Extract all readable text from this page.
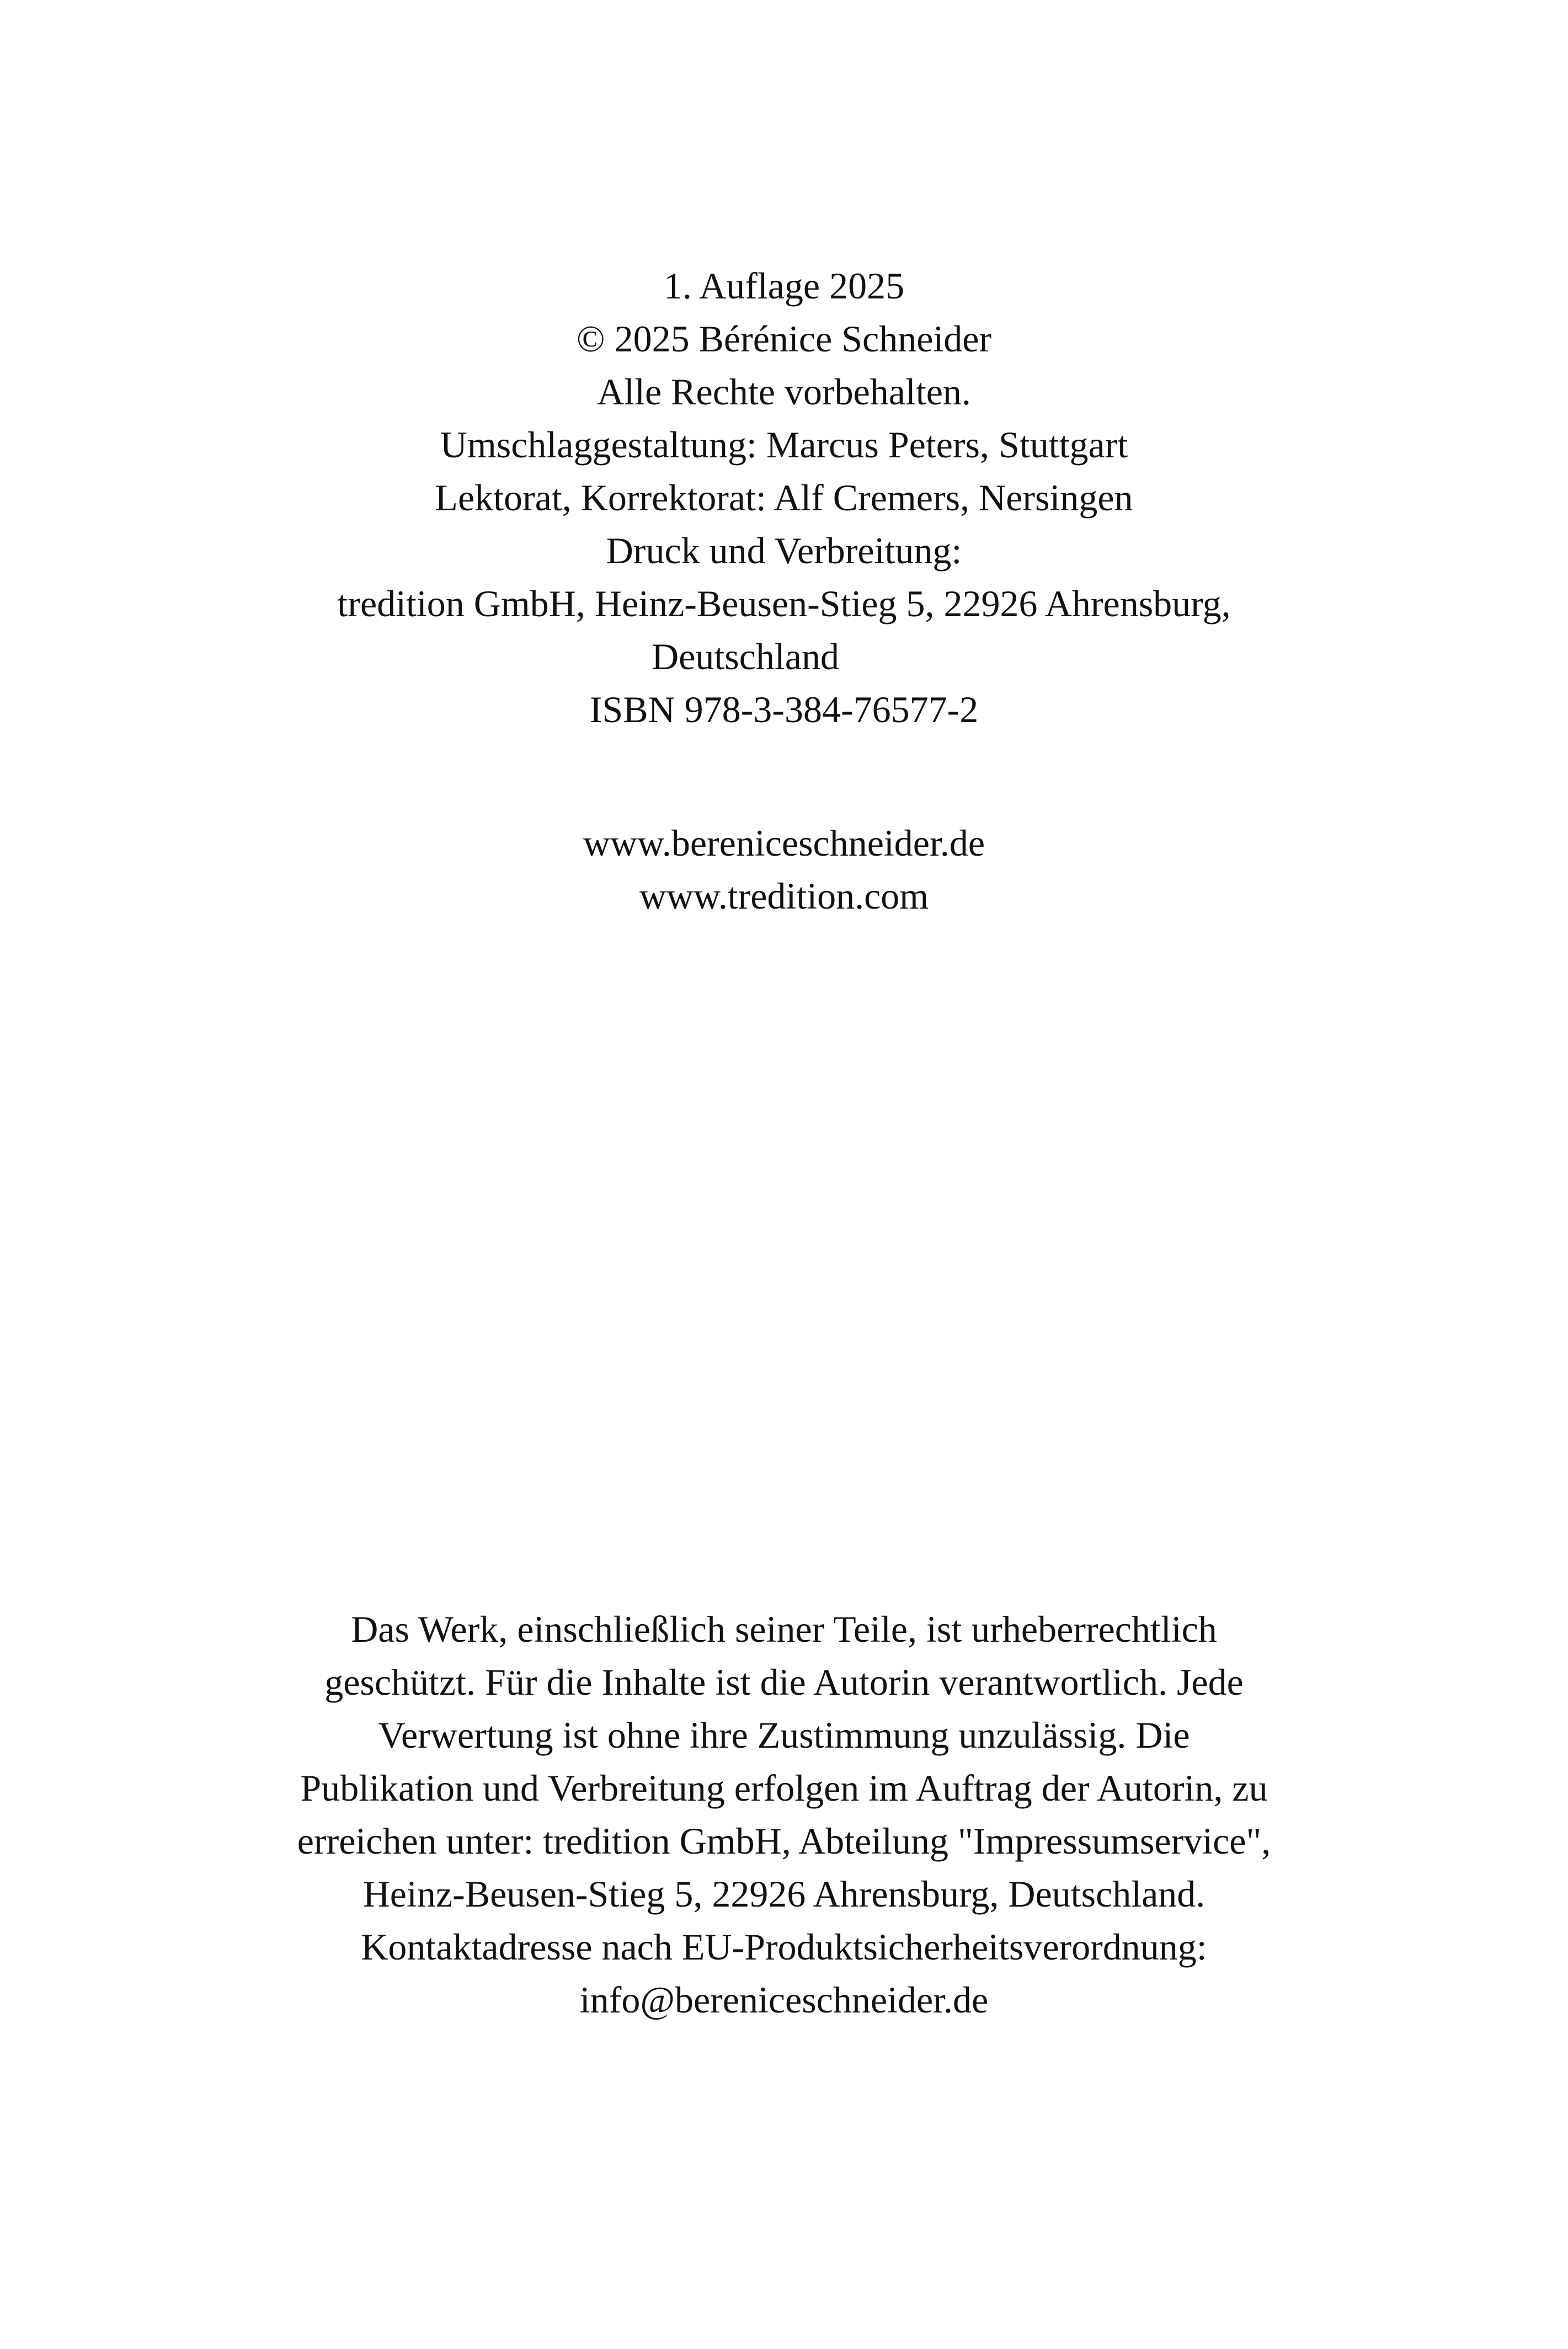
1. Auflage 2025
© 2025 Bérénice Schneider
Alle Rechte vorbehalten.
Umschlaggestaltung: Marcus Peters, Stuttgart
Lektorat, Korrektorat: Alf Cremers, Nersingen
Druck und Verbreitung:
tredition GmbH, Heinz-Beusen-Stieg 5, 22926 Ahrensburg,
Deutschland
ISBN 978-3-384-76577-2
www.bereniceschneider.de
www.tredition.com
Das Werk, einschließlich seiner Teile, ist urheberrechtlich
geschützt. Für die Inhalte ist die Autorin verantwortlich. Jede
Verwertung ist ohne ihre Zustimmung unzulässig. Die
Publikation und Verbreitung erfolgen im Auftrag der Autorin, zu
erreichen unter: tredition GmbH, Abteilung "Impressumservice",
Heinz-Beusen-Stieg 5, 22926 Ahrensburg, Deutschland.
Kontaktadresse nach EU-Produktsicherheitsverordnung:
info@bereniceschneider.de
